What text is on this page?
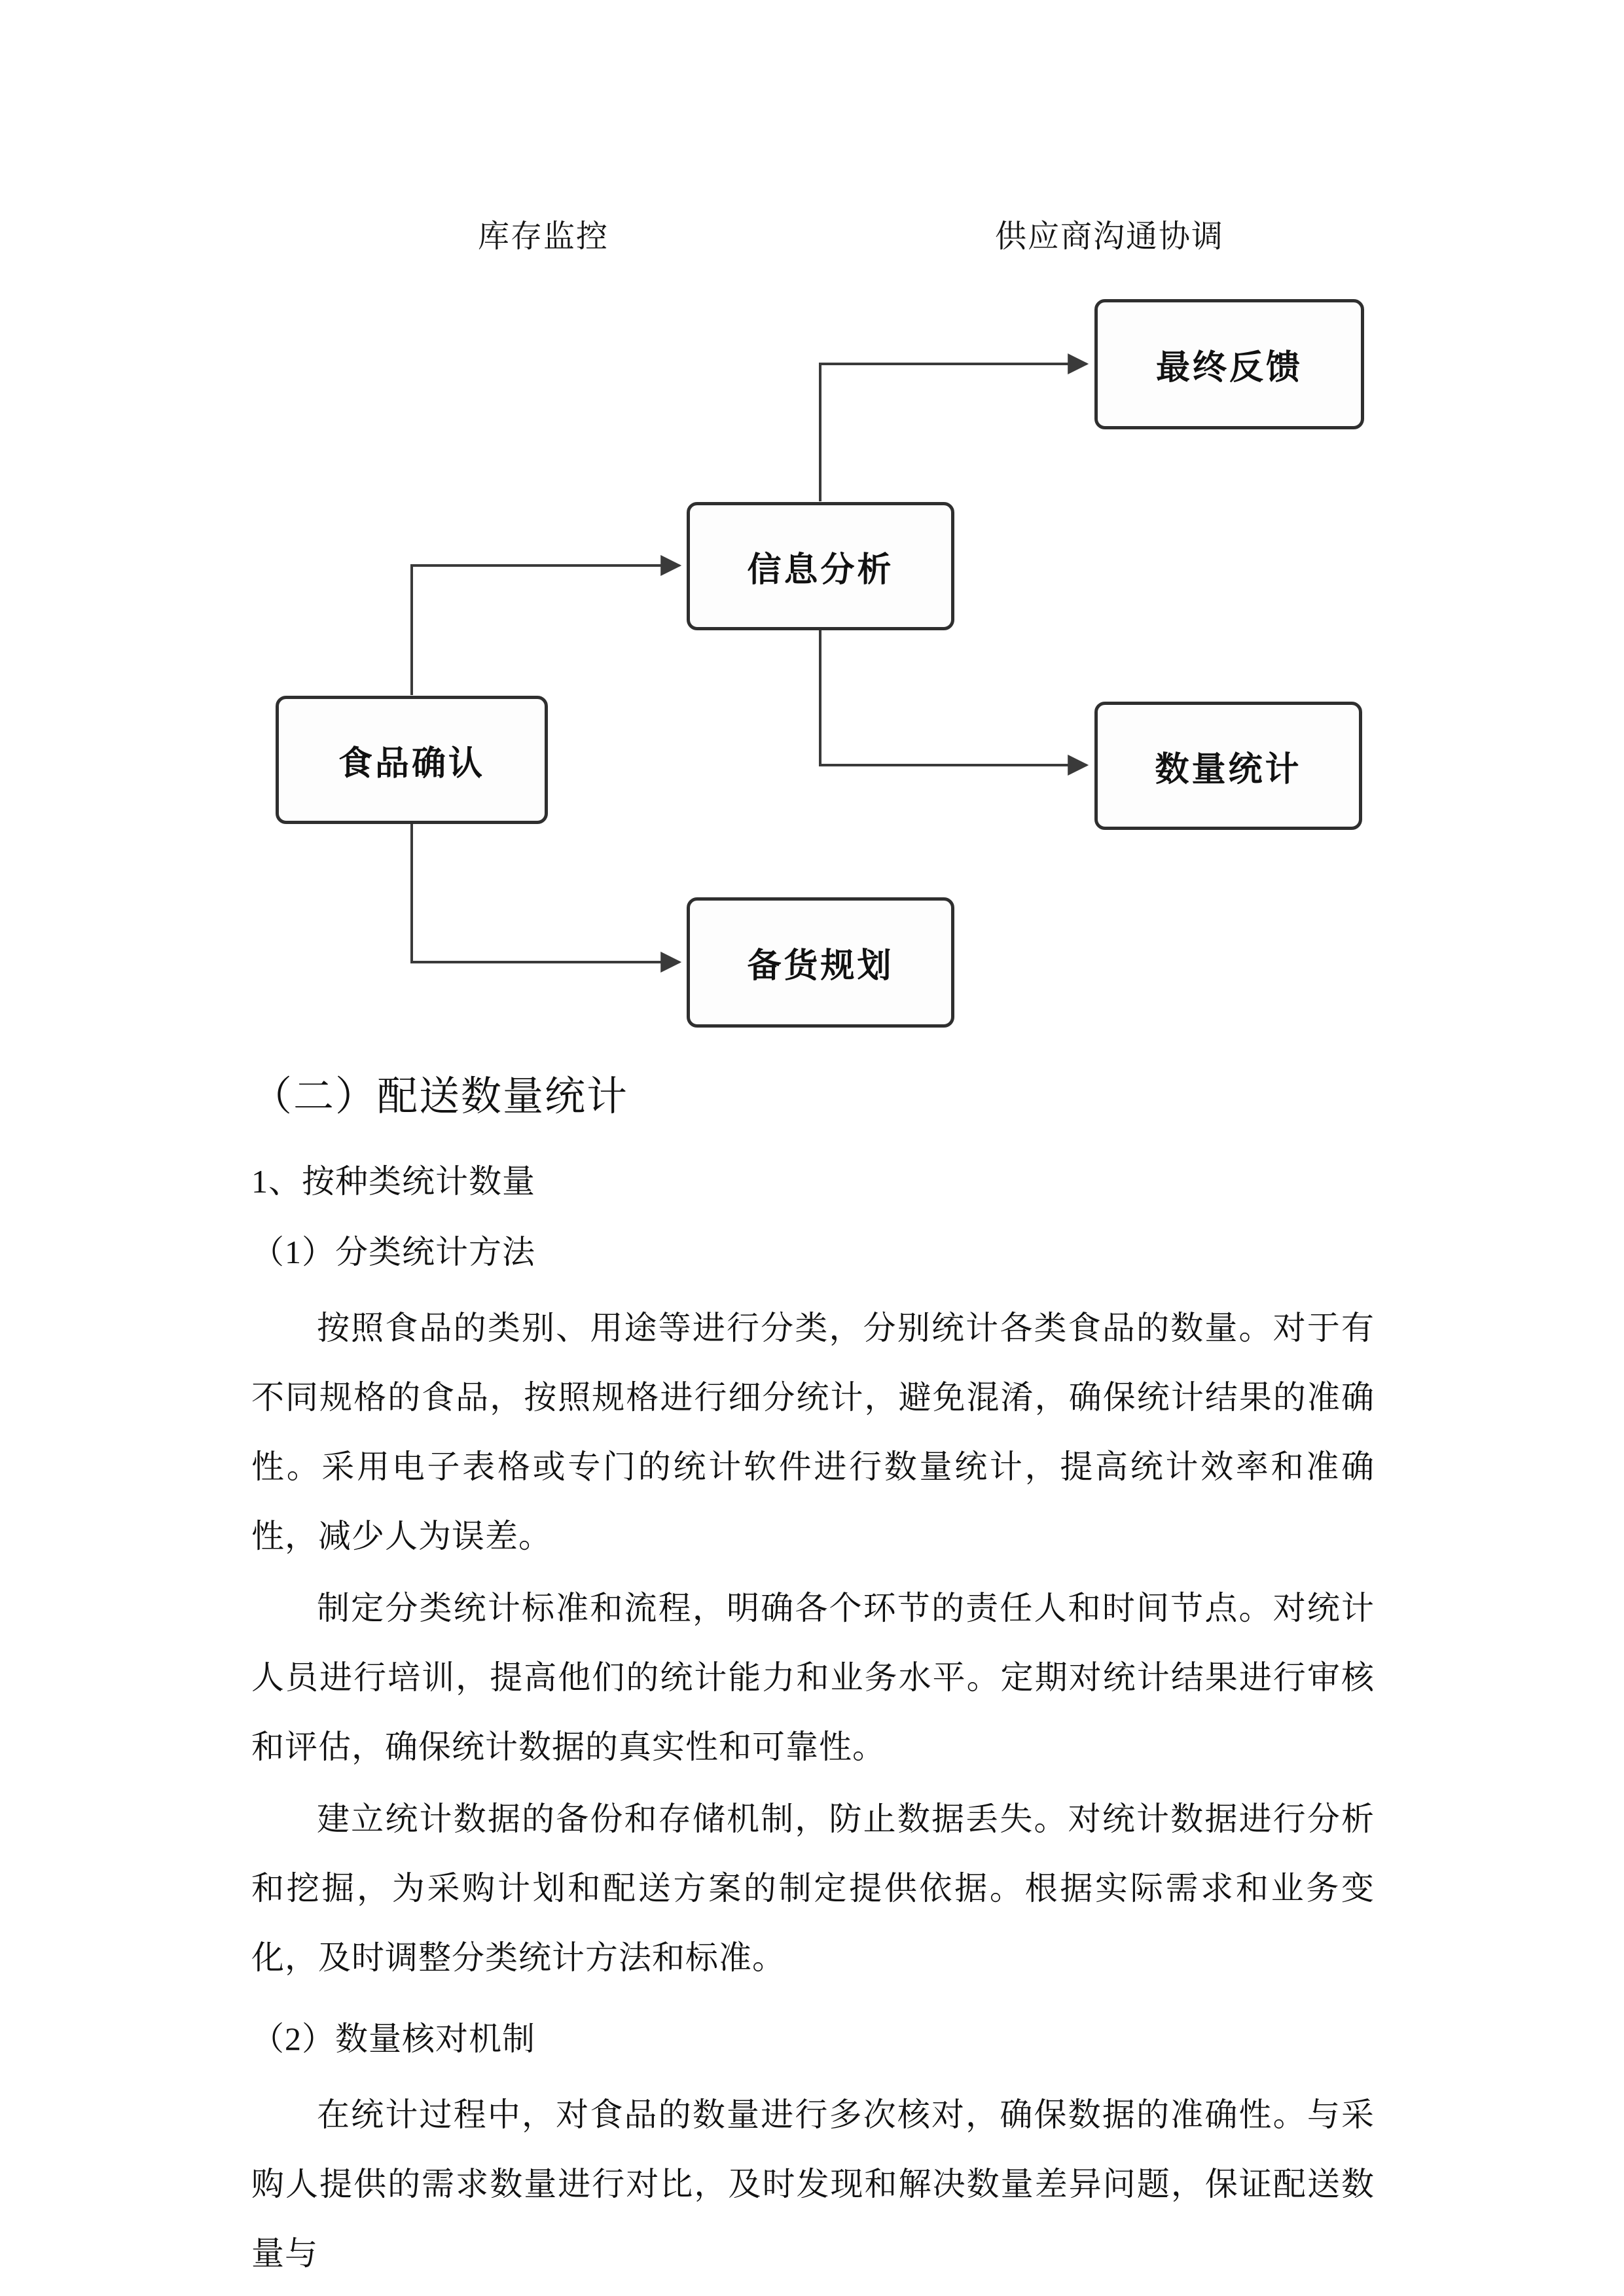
库存监控	供应商沟通协调
最终反馈
信息分析
食品确认	数量统计
备货规划
（二）配送数量统计

1、按种类统计数量

（1）分类统计方法

按照食品的类别、用途等进行分类，分别统计各类食品的数量。对于有不同规格的食品，按照规格进行细分统计，避免混淆，确保统计结果的准确性。采用电子表格或专门的统计软件进行数量统计，提高统计效率和准确性，减少人为误差。

制定分类统计标准和流程，明确各个环节的责任人和时间节点。对统计人员进行培训，提高他们的统计能力和业务水平。定期对统计结果进行审核和评估，确保统计数据的真实性和可靠性。

建立统计数据的备份和存储机制，防止数据丢失。对统计数据进行分析和挖掘，为采购计划和配送方案的制定提供依据。根据实际需求和业务变化，及时调整分类统计方法和标准。

（2）数量核对机制

在统计过程中，对食品的数量进行多次核对，确保数据的准确性。与采购人提供的需求数量进行对比，及时发现和解决数量差异问题，保证配送数量与
